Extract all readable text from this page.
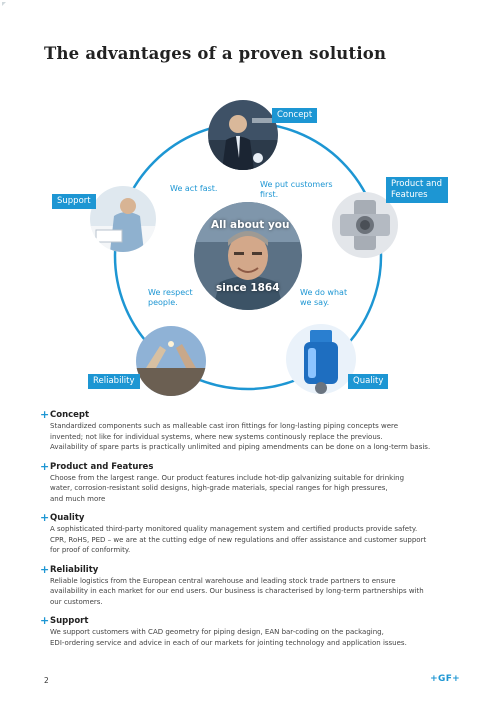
The advantages of a proven solution
Concept
Product and
Features
Support
Reliability	Quality
All about you
since 1864
We act fast.	We put customers
first.
We respect
people.
We do what
we say.
+ Concept
Standardized components such as malleable cast iron fittings for long-lasting piping concepts were
invented; not like for individual systems, where new systems continously replace the previous.
Availability of spare parts is practically unlimited and piping amendments can be done on a long-term basis.
+ Product and Features
Choose from the largest range. Our product features include hot-dip galvanizing suitable for drinking
water, corrosion-resistant solid designs, high-grade materials, special ranges for high pressures,
and much more
+ Quality
A sophisticated third-party monitored quality management system and certified products provide safety.
CPR, RoHS, PED – we are at the cutting edge of new regulations and offer assistance and customer support
for proof of conformity.
+ Reliability
Reliable logistics from the European central warehouse and leading stock trade partners to ensure
availability in each market for our end users. Our business is characterised by long-term partnerships with
our customers.
+ Support
We support customers with CAD geometry for piping design, EAN bar-coding on the packaging,
EDI-ordering service and advice in each of our markets for jointing technology and application issues.
2	+GF+
